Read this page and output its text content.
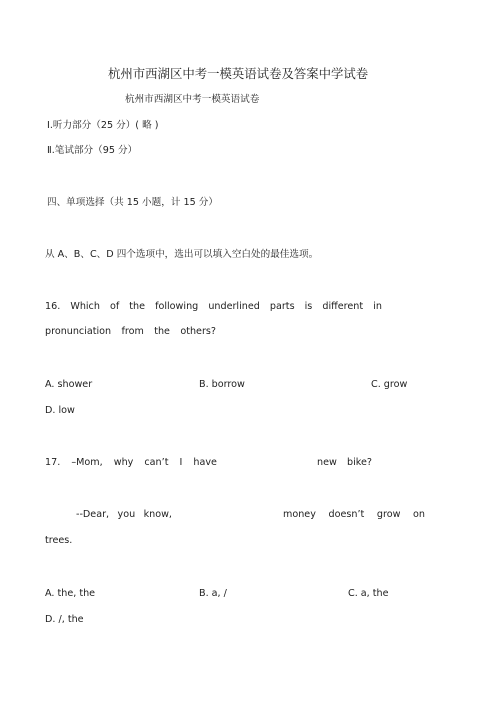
杭州市西湖区中考一模英语试卷及答案中学试卷
杭州市西湖区中考一模英语试卷
Ⅰ.听力部分（25 分）( 略 )
Ⅱ.笔试部分（95 分）
四、单项选择（共 15 小题，计 15 分）
从 A、B、C、D 四个选项中，选出可以填入空白处的最佳选项。
16. Which of the following underlined parts is different in
pronunciation from the others?
A. shower	B. borrow	C. grow
D. low
17. –Mom, why can’t I have	new bike?
--Dear, you know,	money doesn’t grow on
trees.
A. the, the	B. a, /	C. a, the
D. /, the
